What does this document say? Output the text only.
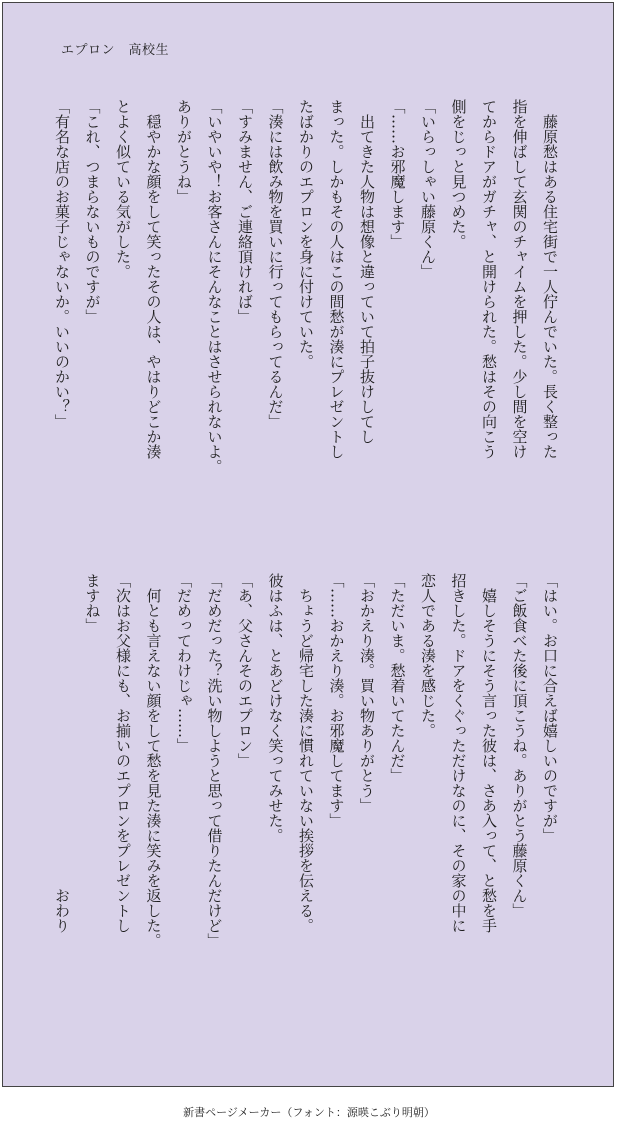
エプロン　高校生
　藤原愁はある住宅街で一人佇んでいた。長く整った
指を伸ばして玄関のチャイムを押した。少し間を空け
てからドアがガチャ、と開けられた。愁はその向こう
側をじっと見つめた。
「いらっしゃい藤原くん」
「……お邪魔します」
　出てきた人物は想像と違っていて拍子抜けしてし
まった。しかもその人はこの間愁が湊にプレゼントし
たばかりのエプロンを身に付けていた。
「湊には飲み物を買いに行ってもらってるんだ」
「すみません、ご連絡頂ければ」
「いやいや！お客さんにそんなことはさせられないよ。
ありがとうね」
　穏やかな顔をして笑ったその人は、やはりどこか湊
とよく似ている気がした。
「これ、つまらないものですが」
「有名な店のお菓子じゃないか。いいのかい？」
「はい。お口に合えば嬉しいのですが」
「ご飯食べた後に頂こうね。ありがとう藤原くん」
　嬉しそうにそう言った彼は、さあ入って、と愁を手
招きした。ドアをくぐっただけなのに、その家の中に
恋人である湊を感じた。
「ただいま。愁着いてたんだ」
「おかえり湊。買い物ありがとう」
「……おかえり湊。お邪魔してます」
　ちょうど帰宅した湊に慣れていない挨拶を伝える。
彼はふは、とあどけなく笑ってみせた。
「あ、父さんそのエプロン」
「だめだった？洗い物しようと思って借りたんだけど」
「だめってわけじゃ……」
　何とも言えない顔をして愁を見た湊に笑みを返した。
「次はお父様にも、お揃いのエプロンをプレゼントし
ますね」
　　　　　　　　　　　　　　　　　　　　　おわり
新書ページメーカー（フォント：源暎こぶり明朝）
